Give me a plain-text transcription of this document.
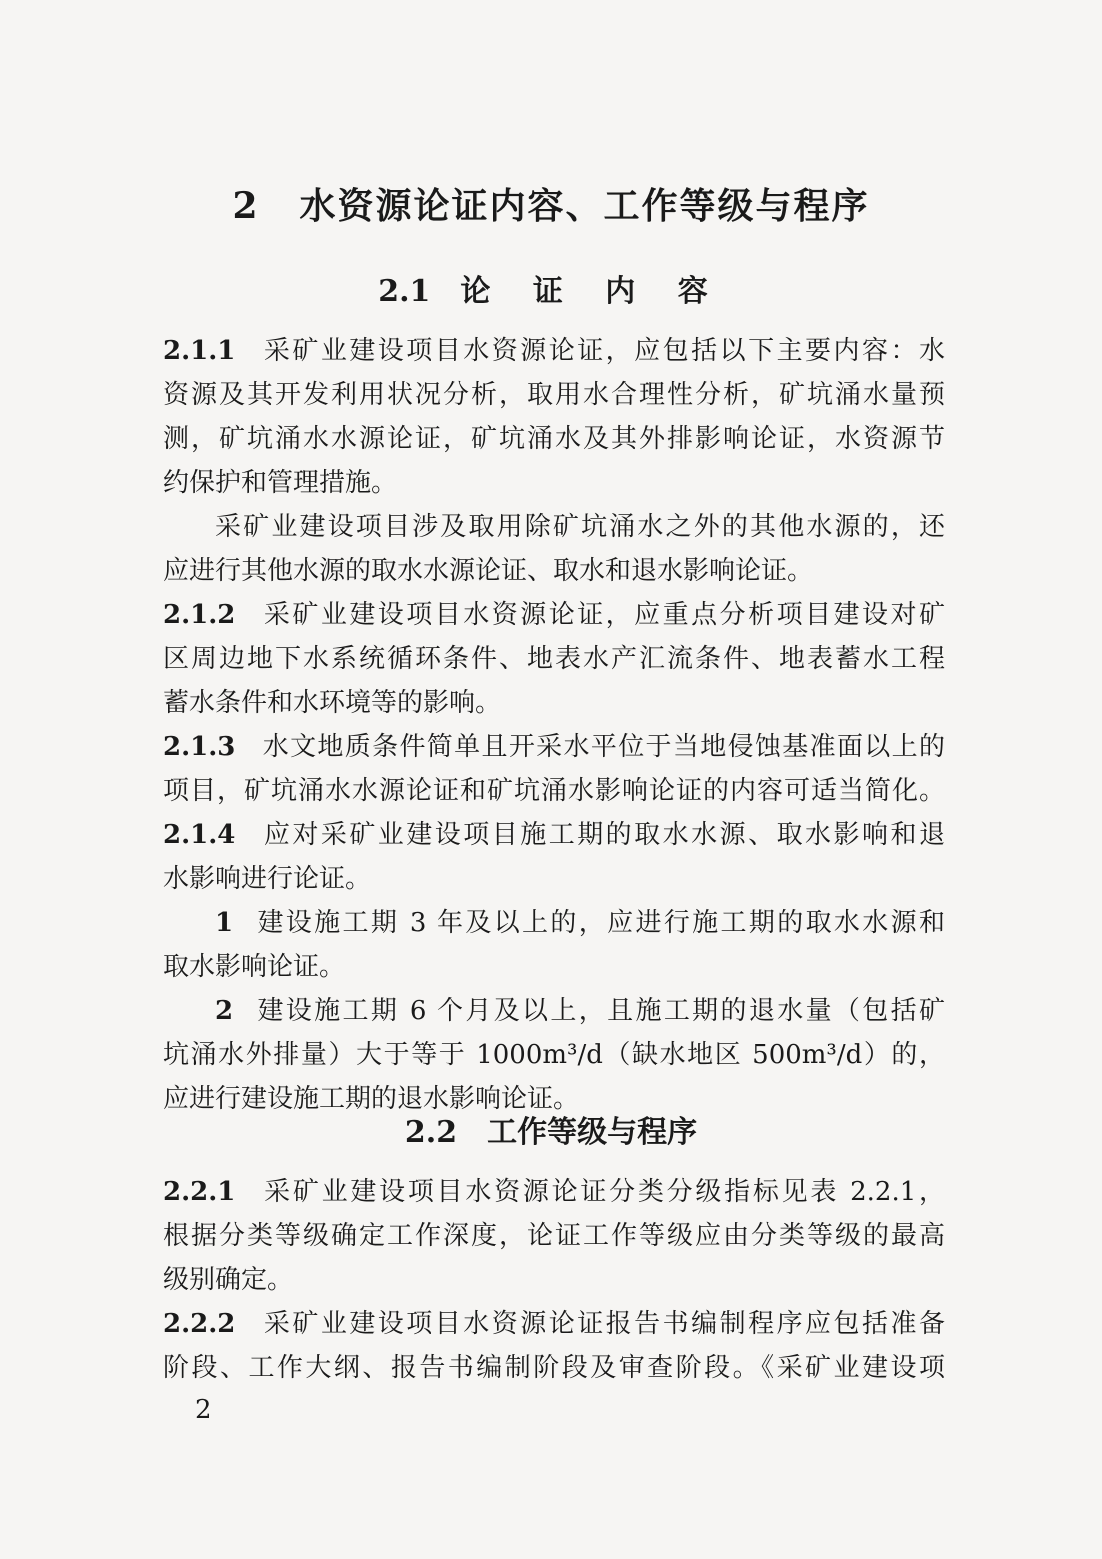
2 水资源论证内容、工作等级与程序
2.1 论 证 内 容
2.1.1 采矿业建设项目水资源论证，应包括以下主要内容：水
资源及其开发利用状况分析，取用水合理性分析，矿坑涌水量预
测，矿坑涌水水源论证，矿坑涌水及其外排影响论证，水资源节
约保护和管理措施。
采矿业建设项目涉及取用除矿坑涌水之外的其他水源的，还
应进行其他水源的取水水源论证、取水和退水影响论证。
2.1.2 采矿业建设项目水资源论证，应重点分析项目建设对矿
区周边地下水系统循环条件、地表水产汇流条件、地表蓄水工程
蓄水条件和水环境等的影响。
2.1.3 水文地质条件简单且开采水平位于当地侵蚀基准面以上的
项目，矿坑涌水水源论证和矿坑涌水影响论证的内容可适当简化。
2.1.4 应对采矿业建设项目施工期的取水水源、取水影响和退
水影响进行论证。
1 建设施工期 3 年及以上的，应进行施工期的取水水源和
取水影响论证。
2 建设施工期 6 个月及以上，且施工期的退水量（包括矿
坑涌水外排量）大于等于 1000m³/d（缺水地区 500m³/d）的，
应进行建设施工期的退水影响论证。
2.2 工作等级与程序
2.2.1 采矿业建设项目水资源论证分类分级指标见表 2.2.1，
根据分类等级确定工作深度，论证工作等级应由分类等级的最高
级别确定。
2.2.2 采矿业建设项目水资源论证报告书编制程序应包括准备
阶段、工作大纲、报告书编制阶段及审查阶段。《采矿业建设项
2
